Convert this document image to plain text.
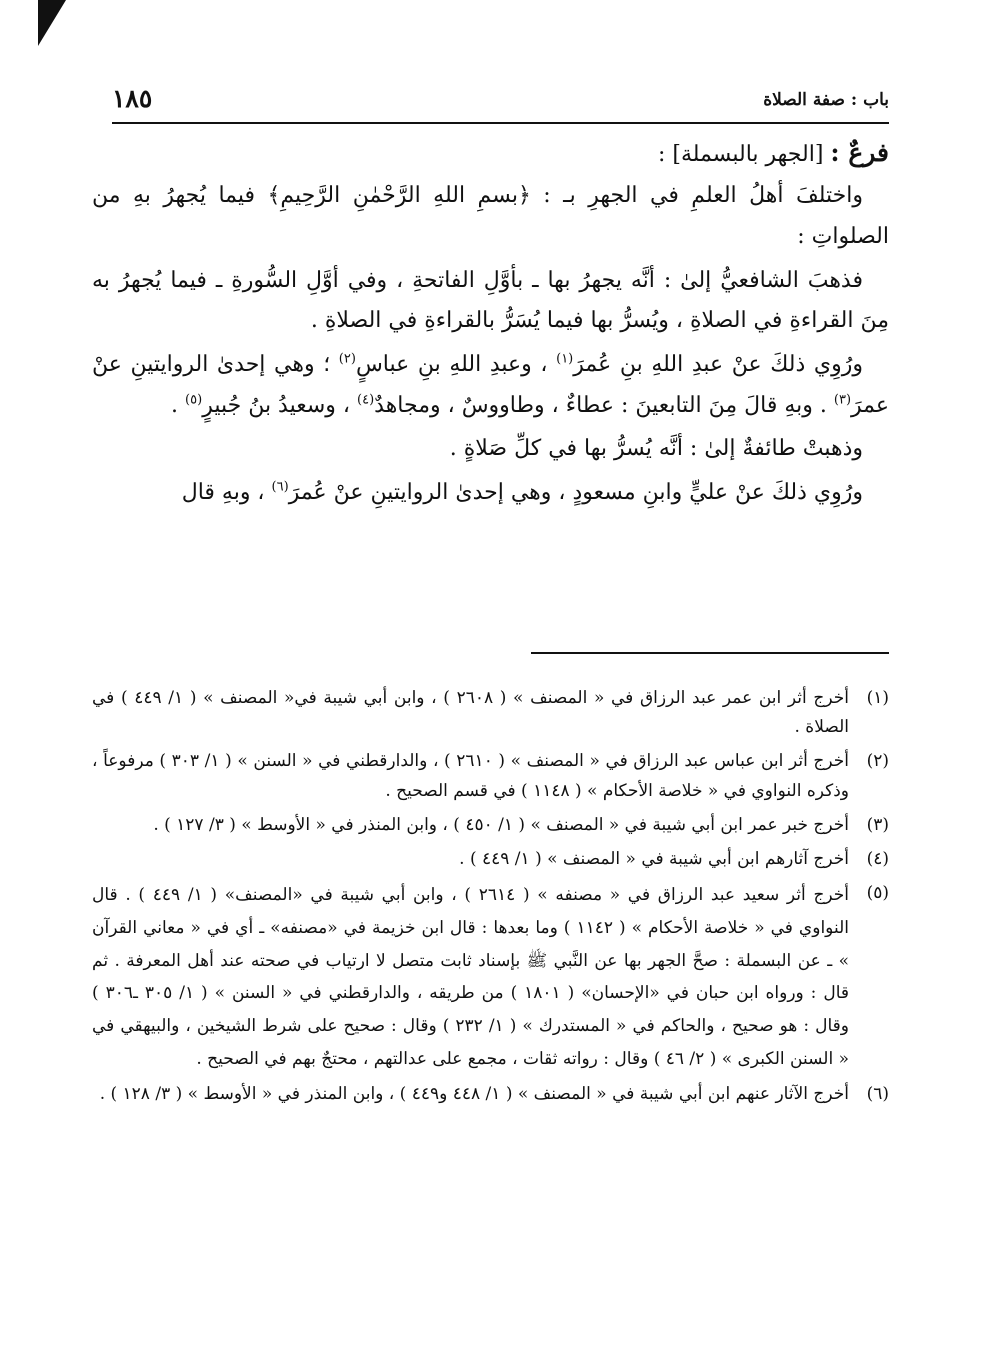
١٨٥	باب : صفة الصلاة

فرعٌ : [الجهر بالبسملة] :

واختلفَ أهلُ العلمِ في الجهرِ بـ : ﴿بسمِ اللهِ الرَّحْمٰنِ الرَّحِيمِ﴾ فيما يُجهرُ بهِ من الصلواتِ :

فذهبَ الشافعيُّ إلىٰ : أنَّه يجهرُ بها ـ بأوَّلِ الفاتحةِ ، وفي أوَّلِ السُّورةِ ـ فيما يُجهرُ به مِنَ القراءةِ في الصلاةِ ، ويُسرُّ بها فيما يُسَرُّ بالقراءةِ في الصلاةِ .

ورُوِي ذلكَ عنْ عبدِ اللهِ بنِ عُمرَ$^{(١)}$ ، وعبدِ اللهِ بنِ عباسٍ$^{(٢)}$ ؛ وهي إحدىٰ الروايتينِ عنْ عمرَ$^{(٣)}$ . وبهِ قالَ مِنَ التابعينَ : عطاءٌ ، وطاووسٌ ، ومجاهدٌ$^{(٤)}$ ، وسعيدُ بنُ جُبيرٍ$^{(٥)}$ .

وذهبتْ طائفةٌ إلىٰ : أنَّه يُسرُّ بها في كلِّ صَلاةٍ .

ورُوِي ذلكَ عنْ عليٍّ وابنِ مسعودٍ ، وهي إحدىٰ الروايتينِ عنْ عُمرَ$^{(٦)}$ ، وبهِ قال

(١)
أخرج أثر ابن عمر عبد الرزاق في « المصنف » ( ٢٦٠٨ ) ، وابن أبي شيبة في« المصنف » ( ١/ ٤٤٩ ) في الصلاة .
(٢)
أخرج أثر ابن عباس عبد الرزاق في « المصنف » ( ٢٦١٠ ) ، والدارقطني في « السنن » ( ١/ ٣٠٣ ) مرفوعاً ، وذكره النواوي في « خلاصة الأحكام » ( ١١٤٨ ) في قسم الصحيح .
(٣)
أخرج خبر عمر ابن أبي شيبة في « المصنف » ( ١/ ٤٥٠ ) ، وابن المنذر في « الأوسط » ( ٣/ ١٢٧ ) .
(٤)
أخرج آثارهم ابن أبي شيبة في « المصنف » ( ١/ ٤٤٩ ) .
(٥)
أخرج أثر سعيد عبد الرزاق في « مصنفه » ( ٢٦١٤ ) ، وابن أبي شيبة في «المصنف» ( ١/ ٤٤٩ ) . قال النواوي في « خلاصة الأحكام » ( ١١٤٢ ) وما بعدها : قال ابن خزيمة في «مصنفه» ـ أي في « معاني القرآن » ـ عن البسملة : صحَّ الجهر بها عن النَّبي ﷺ بإسناد ثابت متصل لا ارتياب في صحته عند أهل المعرفة . ثم قال : ورواه ابن حبان في «الإحسان» ( ١٨٠١ ) من طريقه ، والدارقطني في « السنن » ( ١/ ٣٠٥ ـ٣٠٦ ) وقال : هو صحيح ، والحاكم في « المستدرك » ( ١/ ٢٣٢ ) وقال : صحيح على شرط الشيخين ، والبيهقي في « السنن الكبرى » ( ٢/ ٤٦ ) وقال : رواته ثقات ، مجمع على عدالتهم ، محتجٌ بهم في الصحيح .
(٦)
أخرج الآثار عنهم ابن أبي شيبة في « المصنف » ( ١/ ٤٤٨ و٤٤٩ ) ، وابن المنذر في « الأوسط » ( ٣/ ١٢٨ ) .
